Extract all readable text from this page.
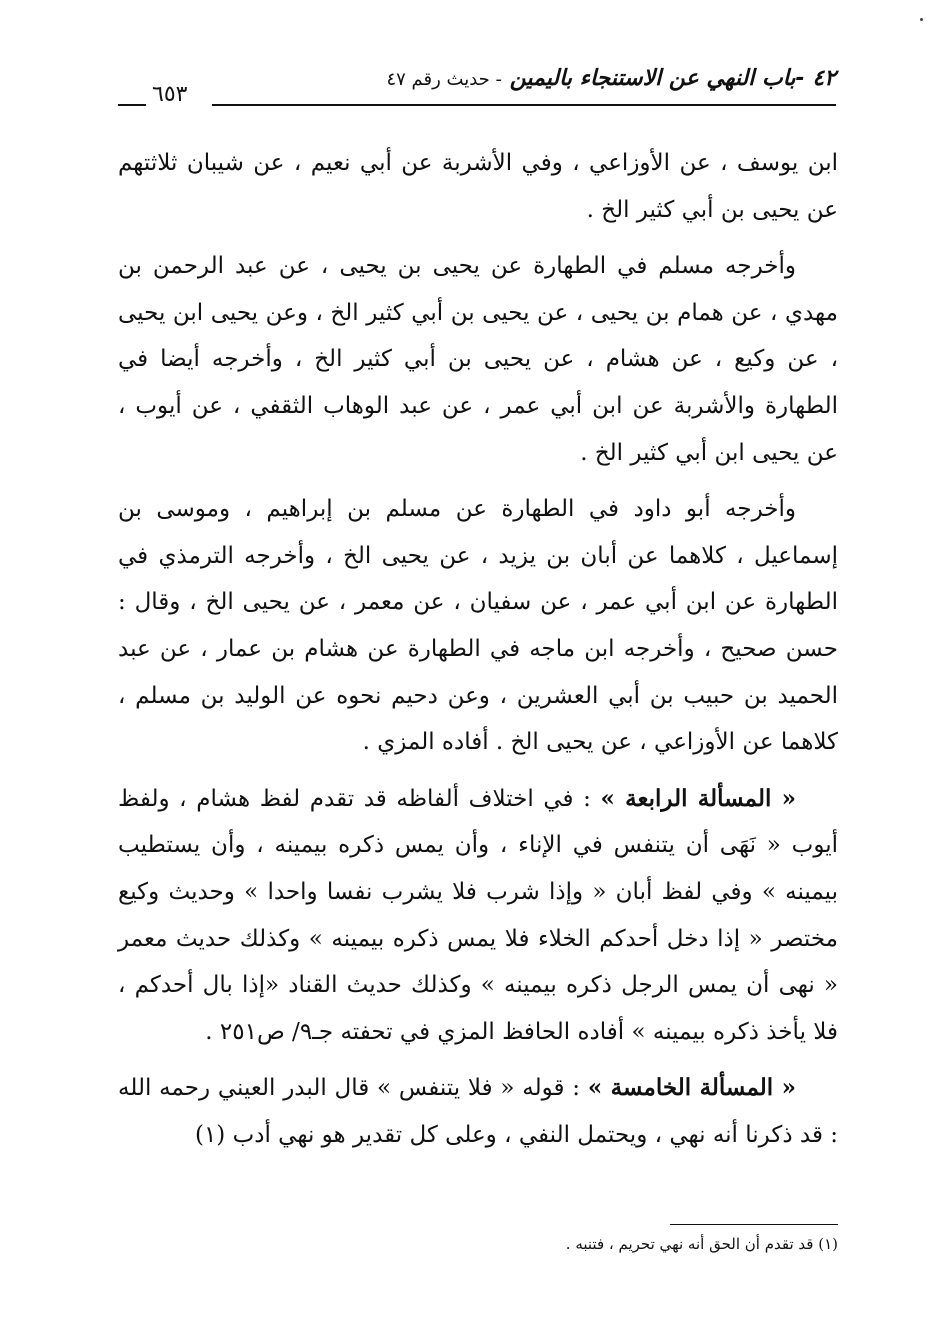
٤٢ -باب النهي عن الاستنجاء باليمين - حديث رقم ٤٧
٦٥٣

ابن يوسف ، عن الأوزاعي ، وفي الأشربة عن أبي نعيم ، عن شيبان ثلاثتهم عن يحيى بن أبي كثير الخ .

وأخرجه مسلم في الطهارة عن يحيى بن يحيى ، عن عبد الرحمن بن مهدي ، عن همام بن يحيى ، عن يحيى بن أبي كثير الخ ، وعن يحيى ابن يحيى ، عن وكيع ، عن هشام ، عن يحيى بن أبي كثير الخ ، وأخرجه أيضا في الطهارة والأشربة عن ابن أبي عمر ، عن عبد الوهاب الثقفي ، عن أيوب ، عن يحيى ابن أبي كثير الخ .

وأخرجه أبو داود في الطهارة عن مسلم بن إبراهيم ، وموسى بن إسماعيل ، كلاهما عن أبان بن يزيد ، عن يحيى الخ ، وأخرجه الترمذي في الطهارة عن ابن أبي عمر ، عن سفيان ، عن معمر ، عن يحيى الخ ، وقال : حسن صحيح ، وأخرجه ابن ماجه في الطهارة عن هشام بن عمار ، عن عبد الحميد بن حبيب بن أبي العشرين ، وعن دحيم نحوه عن الوليد بن مسلم ، كلاهما عن الأوزاعي ، عن يحيى الخ . أفاده المزي .

« المسألة الرابعة » : في اختلاف ألفاظه قد تقدم لفظ هشام ، ولفظ أيوب « نَهَى أن يتنفس في الإناء ، وأن يمس ذكره بيمينه ، وأن يستطيب بيمينه » وفي لفظ أبان « وإذا شرب فلا يشرب نفسا واحدا » وحديث وكيع مختصر « إذا دخل أحدكم الخلاء فلا يمس ذكره بيمينه » وكذلك حديث معمر « نهى أن يمس الرجل ذكره بيمينه » وكذلك حديث القناد «إذا بال أحدكم ، فلا يأخذ ذكره بيمينه » أفاده الحافظ المزي في تحفته جـ٩/ ص٢٥١ .

« المسألة الخامسة » : قوله « فلا يتنفس » قال البدر العيني رحمه الله : قد ذكرنا أنه نهي ، ويحتمل النفي ، وعلى كل تقدير هو نهي أدب (١)

(١) قد تقدم أن الحق أنه نهي تحريم ، فتنبه .
